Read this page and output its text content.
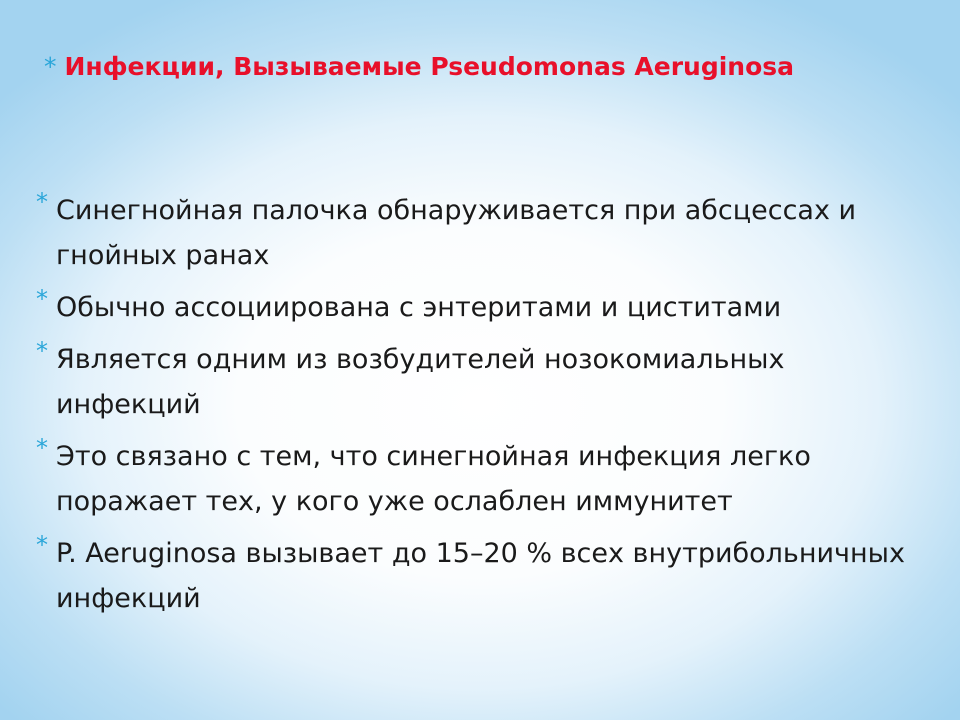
* Инфекции, Вызываемые Pseudomonas Aeruginosa
* Синегнойная палочка обнаруживается при абсцессах и гнойных ранах
* Обычно ассоциирована с энтеритами и циститами
* Является одним из возбудителей нозокомиальных инфекций
* Это связано с тем, что синегнойная инфекция легко поражает тех, у кого уже ослаблен иммунитет
* P. Aeruginosa вызывает до 15–20 % всех внутрибольничных инфекций
